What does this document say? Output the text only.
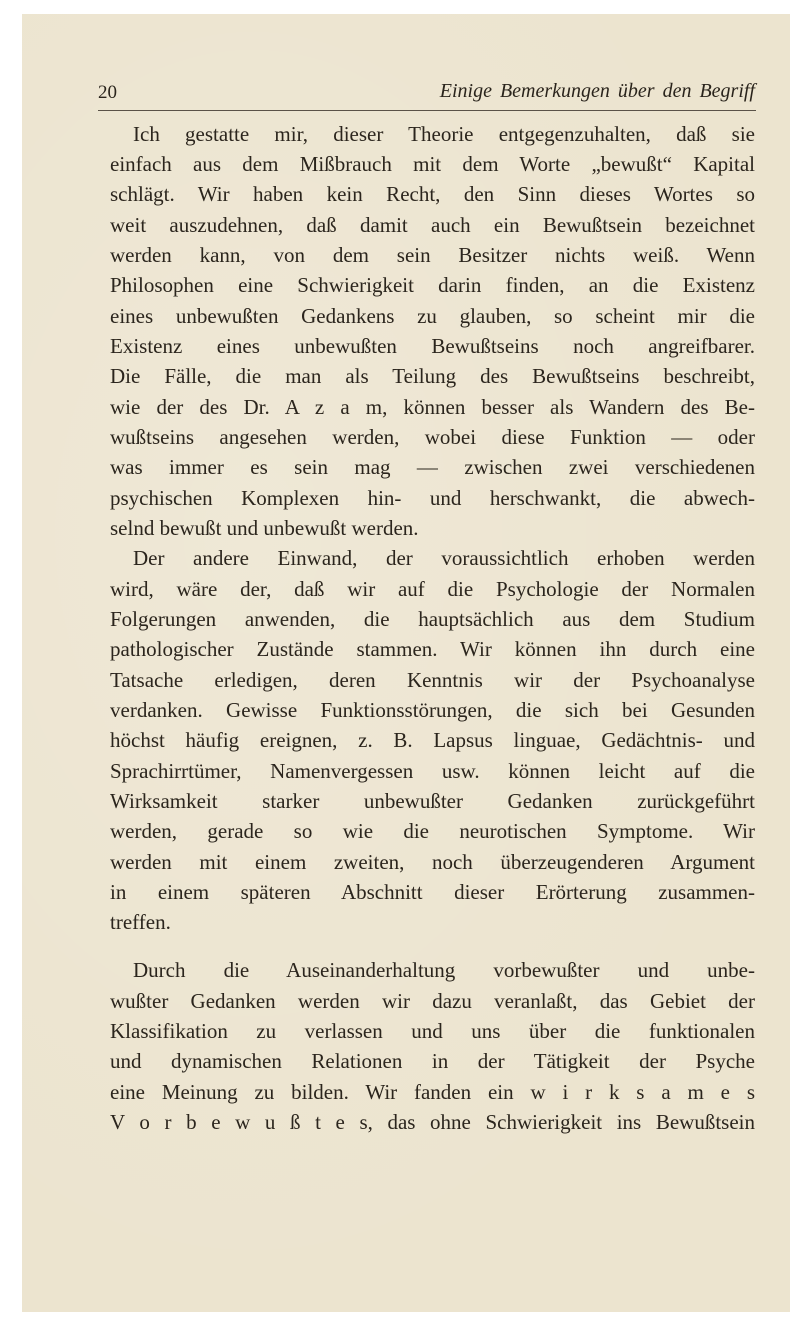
20	Einige Bemerkungen über den Begriff
Ich gestatte mir, dieser Theorie entgegenzuhalten, daß sie
einfach aus dem Mißbrauch mit dem Worte „bewußt“ Kapital
schlägt. Wir haben kein Recht, den Sinn dieses Wortes so
weit auszudehnen, daß damit auch ein Bewußtsein bezeichnet
werden kann, von dem sein Besitzer nichts weiß. Wenn
Philosophen eine Schwierigkeit darin finden, an die Existenz
eines unbewußten Gedankens zu glauben, so scheint mir die
Existenz eines unbewußten Bewußtseins noch angreifbarer.
Die Fälle, die man als Teilung des Bewußtseins beschreibt,
wie der des Dr. A z a m, können besser als Wandern des Be-
wußtseins angesehen werden, wobei diese Funktion — oder
was immer es sein mag — zwischen zwei verschiedenen
psychischen Komplexen hin- und herschwankt, die abwech-
selnd bewußt und unbewußt werden.
Der andere Einwand, der voraussichtlich erhoben werden
wird, wäre der, daß wir auf die Psychologie der Normalen
Folgerungen anwenden, die hauptsächlich aus dem Studium
pathologischer Zustände stammen. Wir können ihn durch eine
Tatsache erledigen, deren Kenntnis wir der Psychoanalyse
verdanken. Gewisse Funktionsstörungen, die sich bei Gesunden
höchst häufig ereignen, z. B. Lapsus linguae, Gedächtnis- und
Sprachirrtümer, Namenvergessen usw. können leicht auf die
Wirksamkeit starker unbewußter Gedanken zurückgeführt
werden, gerade so wie die neurotischen Symptome. Wir
werden mit einem zweiten, noch überzeugenderen Argument
in einem späteren Abschnitt dieser Erörterung zusammen-
treffen.
Durch die Auseinanderhaltung vorbewußter und unbe-
wußter Gedanken werden wir dazu veranlaßt, das Gebiet der
Klassifikation zu verlassen und uns über die funktionalen
und dynamischen Relationen in der Tätigkeit der Psyche
eine Meinung zu bilden. Wir fanden ein w i r k s a m e s
V o r b e w u ß t e s, das ohne Schwierigkeit ins Bewußtsein
